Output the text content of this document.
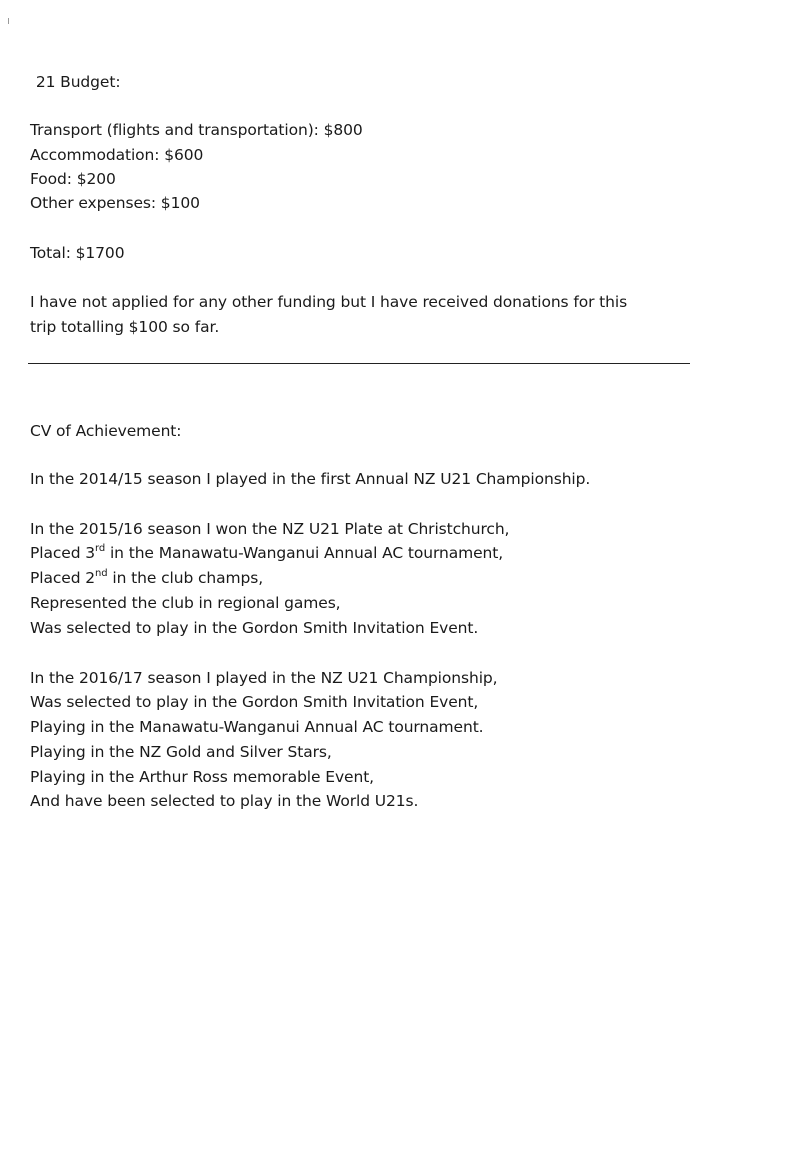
 21 Budget:
Transport (flights and transportation): $800
Accommodation: $600
Food: $200
Other expenses: $100
Total: $1700
I have not applied for any other funding but I have received donations for this
trip totalling $100 so far.
CV of Achievement:
In the 2014/15 season I played in the first Annual NZ U21 Championship.
In the 2015/16 season I won the NZ U21 Plate at Christchurch,
Placed 3rd in the Manawatu-Wanganui Annual AC tournament,
Placed 2nd in the club champs,
Represented the club in regional games,
Was selected to play in the Gordon Smith Invitation Event.
In the 2016/17 season I played in the NZ U21 Championship,
Was selected to play in the Gordon Smith Invitation Event,
Playing in the Manawatu-Wanganui Annual AC tournament.
Playing in the NZ Gold and Silver Stars,
Playing in the Arthur Ross memorable Event,
And have been selected to play in the World U21s.
